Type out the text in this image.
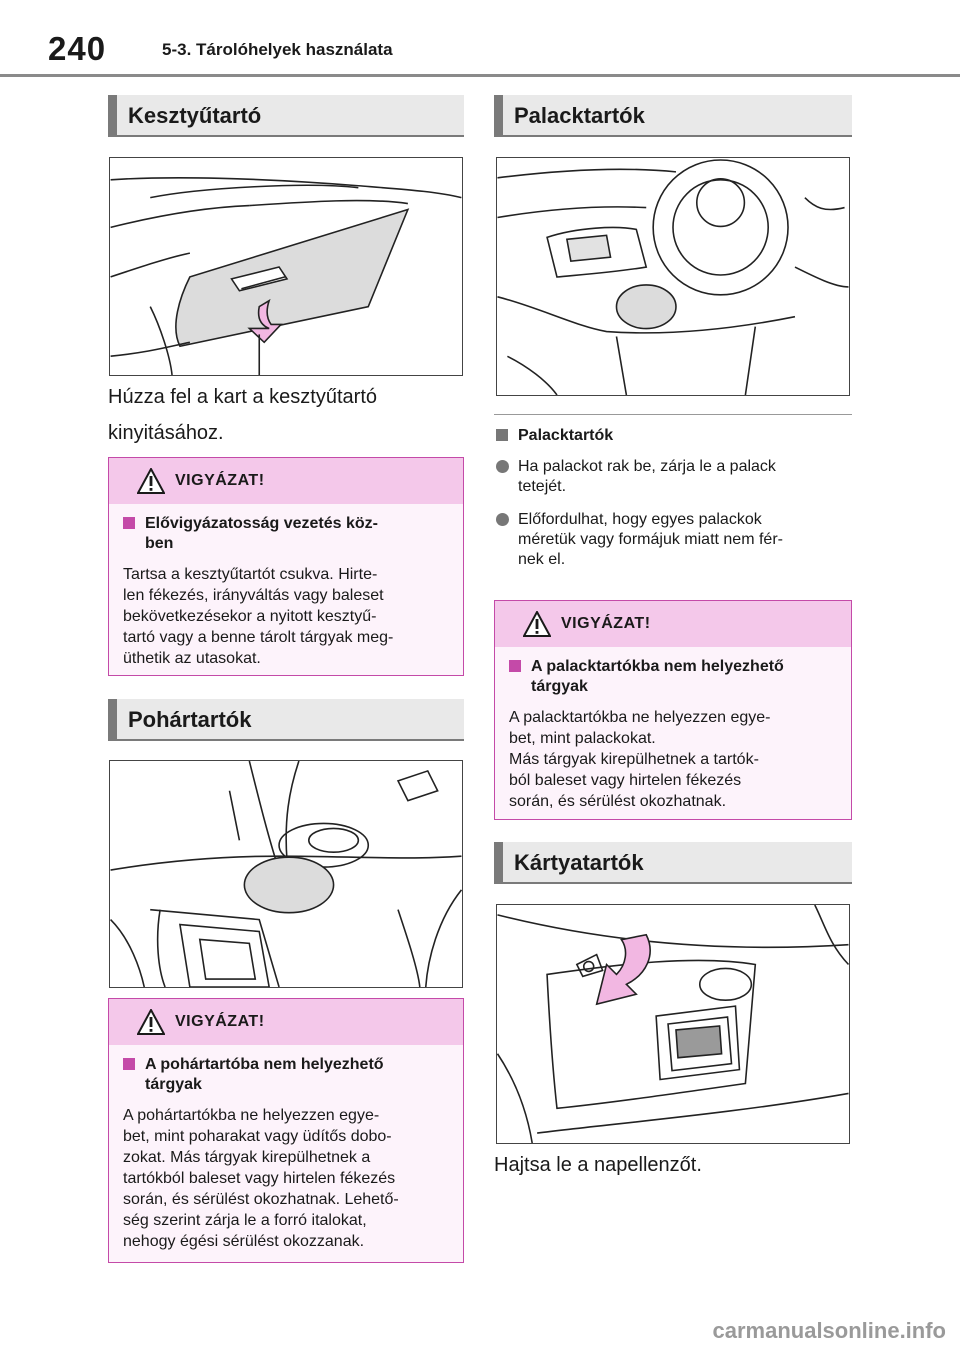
240	5-3. Tárolóhelyek használata
Kesztyűtartó
Húzza fel a kart a kesztyűtartó
kinyitásához.
VIGYÁZAT!
Elővigyázatosság vezetés köz-
ben
Tartsa a kesztyűtartót csukva. Hirte-
len fékezés, irányváltás vagy baleset
bekövetkezésekor a nyitott kesztyű-
tartó vagy a benne tárolt tárgyak meg-
üthetik az utasokat.
Pohártartók
VIGYÁZAT!
A pohártartóba nem helyezhető
tárgyak
A pohártartókba ne helyezzen egye-
bet, mint poharakat vagy üdítős dobo-
zokat. Más tárgyak kirepülhetnek a
tartókból baleset vagy hirtelen fékezés
során, és sérülést okozhatnak. Lehető-
ség szerint zárja le a forró italokat,
nehogy égési sérülést okozzanak.
Palacktartók
Palacktartók
Ha palackot rak be, zárja le a palack
tetejét.
Előfordulhat, hogy egyes palackok
méretük vagy formájuk miatt nem fér-
nek el.
VIGYÁZAT!
A palacktartókba nem helyezhető
tárgyak
A palacktartókba ne helyezzen egye-
bet, mint palackokat.
Más tárgyak kirepülhetnek a tartók-
ból baleset vagy hirtelen fékezés
során, és sérülést okozhatnak.
Kártyatartók
Hajtsa le a napellenzőt.
carmanualsonline.info
